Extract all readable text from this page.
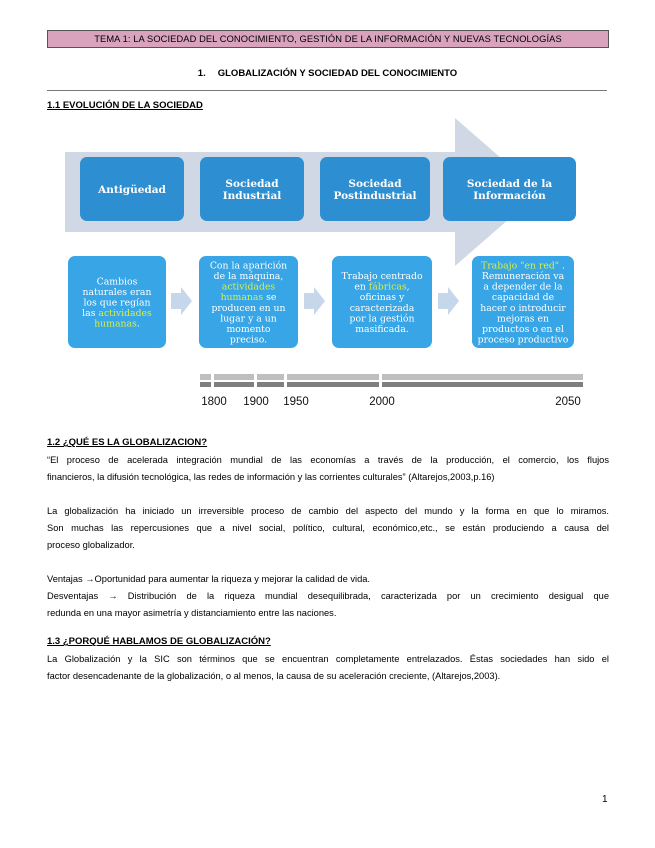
TEMA 1: LA SOCIEDAD DEL CONOCIMIENTO, GESTIÓN DE LA INFORMACIÓN Y NUEVAS TECNOLOGÍAS
1. GLOBALIZACIÓN Y SOCIEDAD DEL CONOCIMIENTO
1.1 EVOLUCIÓN DE LA SOCIEDAD
Antigüedad
Cambios
naturales eran
los que regían
las actividades
humanas.
Sociedad
Industrial
Con la aparición
de la máquina,
actividades
humanas se
producen en un
lugar y a un
momento
preciso.
Sociedad
Postindustrial
Trabajo centrado
en fábricas,
oficinas y
caracterizada
por la gestión
masificada.
Sociedad de la
Información
Trabajo "en red" .
Remuneración va
a depender de la
capacidad de
hacer o introducir
mejoras en
productos o en el
proceso productivo
1800 1900 1950	2000	2050
1.2 ¿QUÉ ES LA GLOBALIZACION?
“El proceso de acelerada integración mundial de las economías a través de la producción, el comercio, los flujos
financieros, la difusión tecnológica, las redes de información y las corrientes culturales” (Altarejos,2003,p.16)
La globalización ha iniciado un irreversible proceso de cambio del aspecto del mundo y la forma en que lo miramos.
Son muchas las repercusiones que a nivel social, político, cultural, económico,etc., se están produciendo a causa del
proceso globalizador.
Ventajas →Oportunidad para aumentar la riqueza y mejorar la calidad de vida.
Desventajas → Distribución de la riqueza mundial desequilibrada, caracterizada por un crecimiento desigual que
redunda en una mayor asimetría y distanciamiento entre las naciones.
1.3 ¿PORQUÉ HABLAMOS DE GLOBALIZACIÓN?
La Globalización y la SIC son términos que se encuentran completamente entrelazados. Éstas sociedades han sido el
factor desencadenante de la globalización, o al menos, la causa de su aceleración creciente, (Altarejos,2003).
1
